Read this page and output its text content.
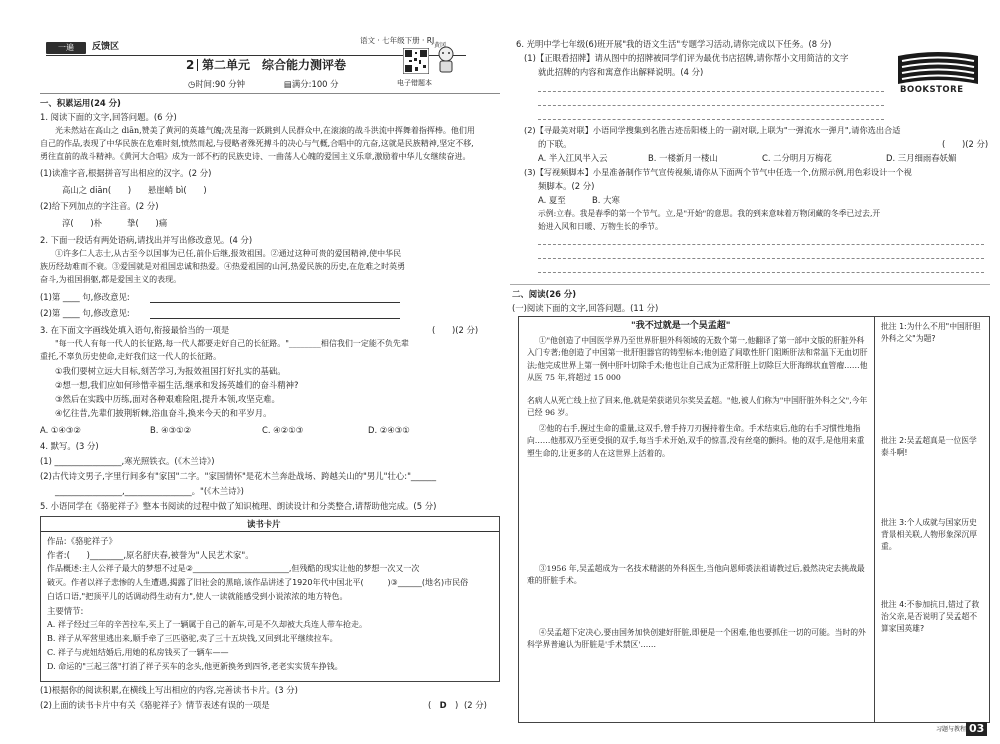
一遍	反馈区
语文 · 七年级下册 · RJ
黄冈
电子错题本
2 第二单元　综合能力测评卷
◷时间:90 分钟	▤满分:100 分
一、积累运用(24 分)
1. 阅读下面的文字,回答问题。(6 分)
光未然站在高山之 diān,赞美了黄河的英雄气魄;冼星海一跃跳到人民群众中,在滚滚的战斗洪流中挥舞着指挥棒。他们用
自己的作品,表现了中华民族在危难时刻,愤然而起,与侵略者殊死搏斗的决心与气概,合唱中的亢奋,这就是民族精神,坚定不移,
勇往直前的战斗精神。《黄河大合唱》成为一部不朽的民族史诗、一曲荡人心魄的爱国主义乐章,激励着中华儿女继续奋进。
(1)读准字音,根据拼音写出相应的汉字。(2 分)
高山之 diān(　　)　　悬崖峭 bì(　　)
(2)给下列加点的字注音。(2 分)
淳(　　)朴　　　挚(　　)痛
2. 下面一段话有两处语病,请找出并写出修改意见。(4 分)
①许多仁人志士,从古至今以国事为已任,前仆后继,报效祖国。②通过这种可贵的爱国精神,使中华民
族历经劫难而不衰。③爱国就是对祖国忠诚和热爱。④热爱祖国的山河,热爱民族的历史,在危难之时英勇
奋斗,为祖国捐躯,都是爱国主义的表现。
(1)第 ____ 句,修改意见:
(2)第 ____ 句,修改意见:
3. 在下面文字画线处填入语句,衔接最恰当的一项是	(　　)(2 分)
"每一代人有每一代人的长征路,每一代人都要走好自己的长征路。"________相信我们一定能不负先辈
重托,不辜负历史使命,走好我们这一代人的长征路。
①我们要树立远大目标,刻苦学习,为报效祖国打好扎实的基础。
②想一想,我们应如何珍惜幸福生活,继承和发扬英雄们的奋斗精神?
③然后在实践中历练,面对各种艰难险阻,提升本领,攻坚克难。
④忆往昔,先辈们披荆斩棘,浴血奋斗,换来今天的和平岁月。
A. ①④③②	B. ④③①②	C. ④②①③	D. ②④③①
4. 默写。(3 分)
(1) ________________,寒光照铁衣。(《木兰诗》)
(2)古代诗文男子,字里行间多有"家国"二字。"家国情怀"是花木兰奔赴战场、跨越关山的"男儿"壮心:"______
________________,________________。"(《木兰诗》)
5. 小语同学在《骆驼祥子》整本书阅读的过程中做了知识梳理、朗读设计和分类整合,请帮助他完成。(5 分)
读书卡片
作品:《骆驼祥子》
作者:(　　)________,原名舒庆春,被誉为"人民艺术家"。
作品概述:主人公祥子最大的梦想不过是②________________________,但残酷的现实让他的梦想一次又一次
破灭。作者以祥子悲惨的人生遭遇,揭露了旧社会的黑暗,该作品讲述了1920年代中国北平(　　　)③______(地名)市民俗
白话口语,"把顶平儿的话调动得生动有力",使人一读就能感受到小说浓浓的地方特色。
主要情节:
A. 祥子经过三年的辛苦拉车,买上了一辆属于自己的新车,可是不久却被大兵连人带车抢走。
B. 祥子从军营里逃出来,顺手牵了三匹骆驼,卖了三十五块钱,又回到北平继续拉车。
C. 祥子与虎妞结婚后,用她的私房钱买了一辆车——
D. 命运的"三起三落"打消了祥子买车的念头,他更新换务到四爷,老老实实赁车挣钱。
(1)根据你的阅读积累,在横线上写出相应的内容,完善读书卡片。(3 分)
(2)上面的读书卡片中有关《骆驼祥子》情节表述有误的一项是	(　D　) (2 分)
6. 光明中学七年级(6)班开展"我的语文生活"专题学习活动,请你完成以下任务。(8 分)
(1)【正眼看招牌】请从图中的招牌被同学们评为最优书店招牌,请你帮小文用简洁的文字
就此招牌的内容和寓意作出解释说明。(4 分)
BOOKSTORE
(2)【寻最美对联】小语同学搜集到名胜古迹岳阳楼上的一副对联,上联为"一弹流水一弹月",请你选出合适
的下联。	(　　)(2 分)
A. 半入江风半入云	B. 一楼新月一楼山	C. 二分明月万梅花	D. 三月细雨春妖媚
(3)【写视频脚本】小星准备制作节气宣传视频,请你从下面两个节气中任选一个,仿照示例,用色彩设计一个视
频脚本。(2 分)
A. 夏至	B. 大寒
示例:立春。我是春季的第一个节气。立,是"开始"的意思。我的到来意味着万物闭藏的冬季已过去,开
始进入风和日暖、万物生长的季节。
二、阅读(26 分)
(一)阅读下面的文字,回答问题。(11 分)
"我不过就是一个吴孟超"
①"他创造了中国医学界乃至世界肝胆外科领域的无数个第一,他翻译了第一部中文版的肝脏外科入门专著;他创造了中国第一批肝胆器官的铸型标本;他创造了间歇性肝门阻断肝法和常温下无血切肝法;他完成世界上第一例中肝叶切除手术;他也让自己成为正常肝脏上切除巨大肝海绵状血管瘤……他从医 75 年,将超过 15 000
名病人从死亡线上拉了回来,他,就是荣获诺贝尔奖吴孟超。"他,被人们称为"中国肝脏外科之父",今年已经 96 岁。
②他的右手,握过生命的重量,这双手,曾手持刀刃握持着生命。手术结束后,他的右手习惯性地指向……他那双乃至更受损的双手,每当手术开始,双手的惊喜,没有丝毫的颤抖。他的双手,是他用来重塑生命的,让更多的人在这世界上活着的。
③1956 年,吴孟超成为一名技术精湛的外科医生,当他向恩师裘法祖请教过后,毅然决定去挑战最难的肝脏手术。
④吴孟超下定决心,要由国务加快创建好肝脏,即便是一个困难,他也要抓住一切的可能。当时的外科学界普遍认为肝脏是'手术禁区'……
批注 1:为什么不用"中国肝胆外科之父"为题?
批注 2:吴孟超真是一位医学泰斗啊!
批注 3:个人成就与国家历史背景相关联,人物形象深沉厚重。
批注 4:不参加抗日,错过了救治父亲,是否说明了吴孟超不算家国英雄?
习题与教程 03
